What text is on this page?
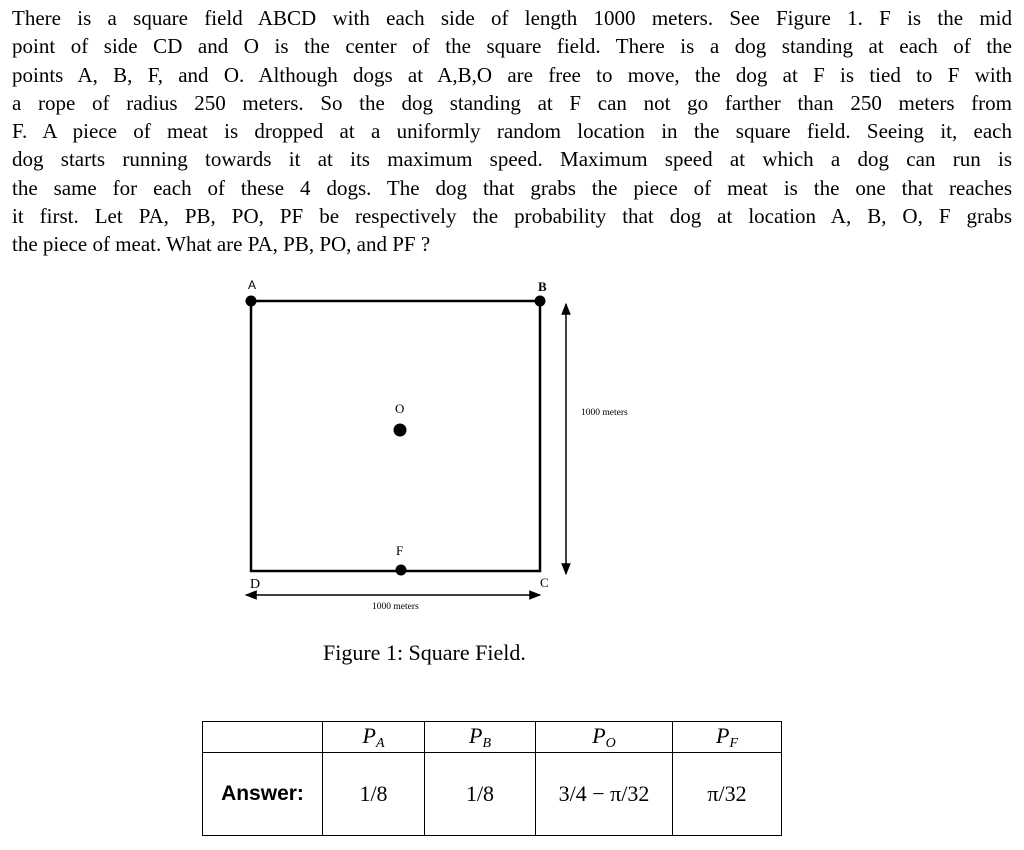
There is a square field ABCD with each side of length 1000 meters. See Figure 1. F is the mid
point of side CD and O is the center of the square field. There is a dog standing at each of the
points A, B, F, and O. Although dogs at A,B,O are free to move, the dog at F is tied to F with
a rope of radius 250 meters. So the dog standing at F can not go farther than 250 meters from
F. A piece of meat is dropped at a uniformly random location in the square field. Seeing it, each
dog starts running towards it at its maximum speed. Maximum speed at which a dog can run is
the same for each of these 4 dogs. The dog that grabs the piece of meat is the one that reaches
it first. Let PA, PB, PO, PF be respectively the probability that dog at location A, B, O, F grabs
the piece of meat. What are PA, PB, PO, and PF ?
A	B
O
F
D	C
1000 meters
1000 meters
Figure 1: Square Field.
	$P_A$	$P_B$	$P_O$	$P_F$
Answer:	1/8	1/8	3/4 − π/32	π/32
